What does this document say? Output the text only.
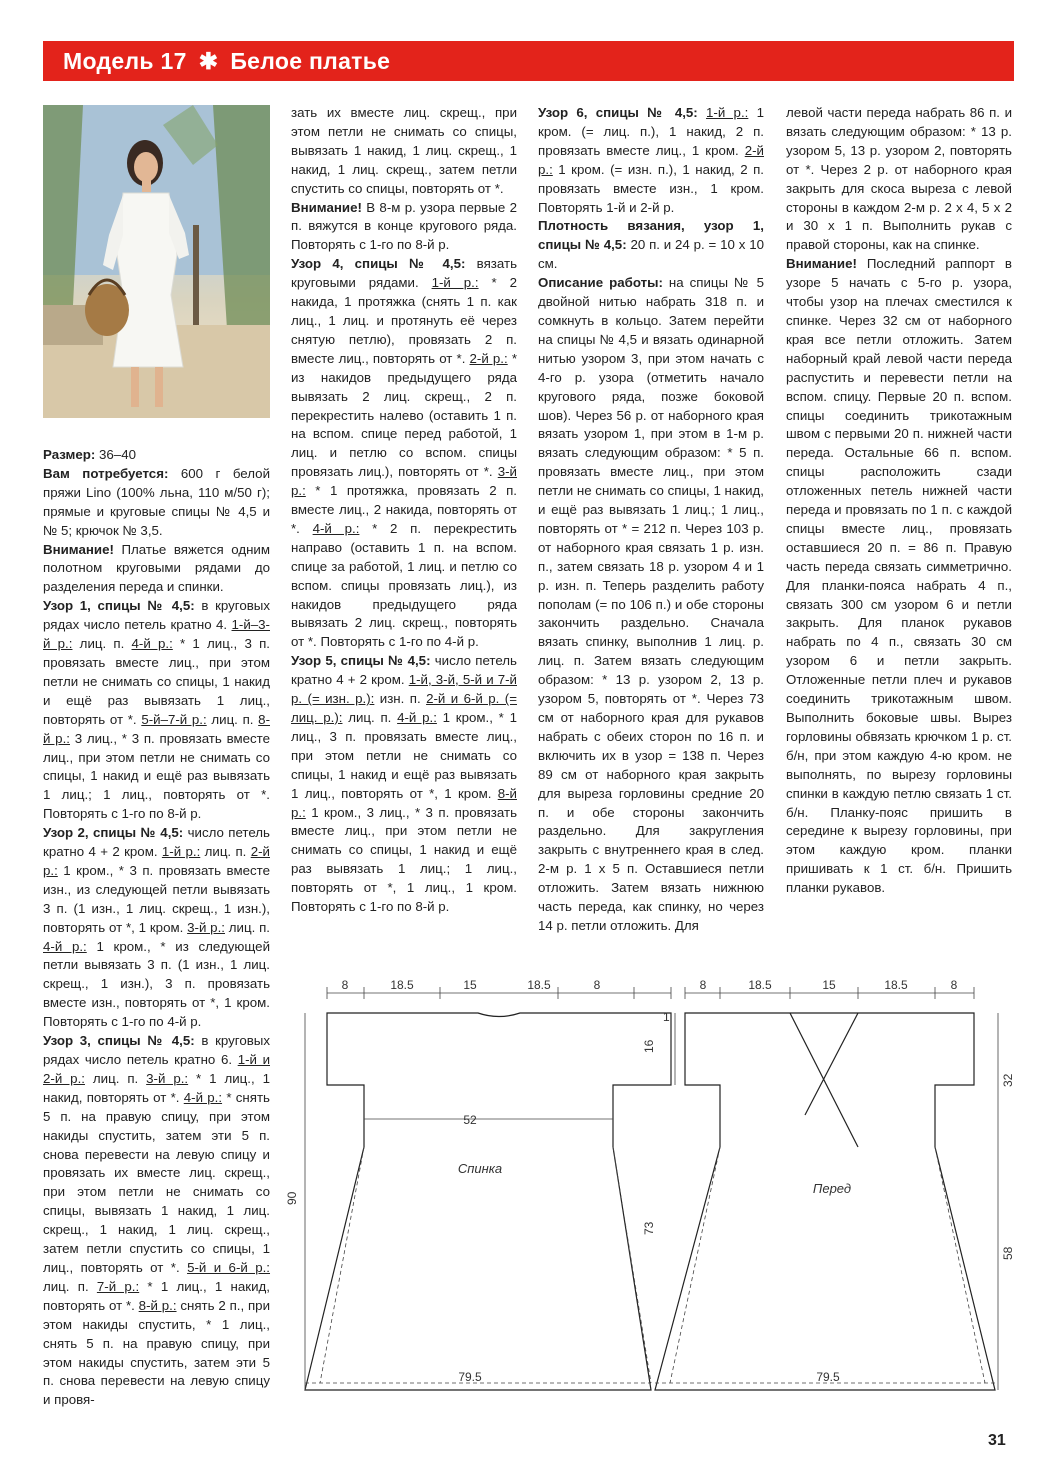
Модель 17 ✱ Белое платье

Размер: 36–40

Вам потребуется: 600 г белой пряжи Lino (100% льна, 110 м/50 г); прямые и круговые спицы № 4,5 и № 5; крючок № 3,5.

Внимание! Платье вяжется одним полотном круговыми рядами до разделения переда и спинки.

Узор 1, спицы № 4,5: в круговых рядах число петель кратно 4. 1-й–3-й р.: лиц. п. 4-й р.: * 1 лиц., 3 п. провязать вместе лиц., при этом петли не снимать со спицы, 1 накид и ещё раз вывязать 1 лиц., повторять от *. 5-й–7-й р.: лиц. п. 8-й р.: 3 лиц., * 3 п. провязать вместе лиц., при этом петли не снимать со спицы, 1 накид и ещё раз вывязать 1 лиц.; 1 лиц., повторять от *. Повторять с 1-го по 8-й р.

Узор 2, спицы № 4,5: число петель кратно 4 + 2 кром. 1-й р.: лиц. п. 2-й р.: 1 кром., * 3 п. провязать вместе изн., из следующей петли вывязать 3 п. (1 изн., 1 лиц. скрещ., 1 изн.), повторять от *, 1 кром. 3-й р.: лиц. п. 4-й р.: 1 кром., * из следующей петли вывязать 3 п. (1 изн., 1 лиц. скрещ., 1 изн.), 3 п. провязать вместе изн., повторять от *, 1 кром. Повторять с 1-го по 4-й р.

Узор 3, спицы № 4,5: в круговых рядах число петель кратно 6. 1-й и 2-й р.: лиц. п. 3-й р.: * 1 лиц., 1 накид, повторять от *. 4-й р.: * снять 5 п. на правую спицу, при этом накиды спустить, затем эти 5 п. снова перевести на левую спицу и провязать их вместе лиц. скрещ., при этом петли не снимать со спицы, вывязать 1 накид, 1 лиц. скрещ., 1 накид, 1 лиц. скрещ., затем петли спустить со спицы, 1 лиц., повторять от *. 5-й и 6-й р.: лиц. п. 7-й р.: * 1 лиц., 1 накид, повторять от *. 8-й р.: снять 2 п., при этом накиды спустить, * 1 лиц., снять 5 п. на правую спицу, при этом накиды спустить, затем эти 5 п. снова перевести на левую спицу и провя-

зать их вместе лиц. скрещ., при этом петли не снимать со спицы, вывязать 1 накид, 1 лиц. скрещ., 1 накид, 1 лиц. скрещ., затем петли спустить со спицы, повторять от *.

Внимание! В 8-м р. узора первые 2 п. вяжутся в конце кругового ряда. Повторять с 1-го по 8-й р.

Узор 4, спицы № 4,5: вязать круговыми рядами. 1-й р.: * 2 накида, 1 протяжка (снять 1 п. как лиц., 1 лиц. и протянуть её через снятую петлю), провязать 2 п. вместе лиц., повторять от *. 2-й р.: * из накидов предыдущего ряда вывязать 2 лиц. скрещ., 2 п. перекрестить налево (оставить 1 п. на вспом. спице перед работой, 1 лиц. и петлю со вспом. спицы провязать лиц.), повторять от *. 3-й р.: * 1 протяжка, провязать 2 п. вместе лиц., 2 накида, повторять от *. 4-й р.: * 2 п. перекрестить направо (оставить 1 п. на вспом. спице за работой, 1 лиц. и петлю со вспом. спицы провязать лиц.), из накидов предыдущего ряда вывязать 2 лиц. скрещ., повторять от *. Повторять с 1-го по 4-й р.

Узор 5, спицы № 4,5: число петель кратно 4 + 2 кром. 1-й, 3-й, 5-й и 7-й р. (= изн. р.): изн. п. 2-й и 6-й р. (= лиц. р.): лиц. п. 4-й р.: 1 кром., * 1 лиц., 3 п. провязать вместе лиц., при этом петли не снимать со спицы, 1 накид и ещё раз вывязать 1 лиц., повторять от *, 1 кром. 8-й р.: 1 кром., 3 лиц., * 3 п. провязать вместе лиц., при этом петли не снимать со спицы, 1 накид и ещё раз вывязать 1 лиц.; 1 лиц., повторять от *, 1 лиц., 1 кром. Повторять с 1-го по 8-й р.

Узор 6, спицы № 4,5: 1-й р.: 1 кром. (= лиц. п.), 1 накид, 2 п. провязать вместе лиц., 1 кром. 2-й р.: 1 кром. (= изн. п.), 1 накид, 2 п. провязать вместе изн., 1 кром. Повторять 1-й и 2-й р.

Плотность вязания, узор 1, спицы № 4,5: 20 п. и 24 р. = 10 х 10 см.

Описание работы: на спицы № 5 двойной нитью набрать 318 п. и сомкнуть в кольцо. Затем перейти на спицы № 4,5 и вязать одинарной нитью узором 3, при этом начать с 4-го р. узора (отметить начало кругового ряда, позже боковой шов). Через 56 р. от наборного края вязать узором 1, при этом в 1-м р. вязать следующим образом: * 5 п. провязать вместе лиц., при этом петли не снимать со спицы, 1 накид, и ещё раз вывязать 1 лиц.; 1 лиц., повторять от * = 212 п. Через 103 р. от наборного края связать 1 р. изн. п., затем связать 18 р. узором 4 и 1 р. изн. п. Теперь разделить работу пополам (= по 106 п.) и обе стороны закончить раздельно. Сначала вязать спинку, выполнив 1 лиц. р. лиц. п. Затем вязать следующим образом: * 13 р. узором 2, 13 р. узором 5, повторять от *. Через 73 см от наборного края для рукавов набрать с обеих сторон по 16 п. и включить их в узор = 138 п. Через 89 см от наборного края закрыть для выреза горловины средние 20 п. и обе стороны закончить раздельно. Для закругления закрыть с внутреннего края в след. 2-м р. 1 х 5 п. Оставшиеся петли отложить. Затем вязать нижнюю часть переда, как спинку, но через 14 р. петли отложить. Для

левой части переда набрать 86 п. и вязать следующим образом: * 13 р. узором 5, 13 р. узором 2, повторять от *. Через 2 р. от наборного края закрыть для скоса выреза с левой стороны в каждом 2-м р. 2 х 4, 5 х 2 и 30 х 1 п. Выполнить рукав с правой стороны, как на спинке.

Внимание! Последний раппорт в узоре 5 начать с 5-го р. узора, чтобы узор на плечах сместился к спинке. Через 32 см от наборного края все петли отложить. Затем наборный край левой части переда распустить и перевести петли на вспом. спицу. Первые 20 п. вспом. спицы соединить трикотажным швом с первыми 20 п. нижней части переда. Остальные 66 п. вспом. спицы расположить сзади отложенных петель нижней части переда и провязать по 1 п. с каждой спицы вместе лиц., провязать оставшиеся 20 п. = 86 п. Правую часть переда связать симметрично. Для планки-пояса набрать 4 п., связать 300 см узором 6 и петли закрыть. Для планок рукавов набрать по 4 п., связать 30 см узором 6 и петли закрыть. Отложенные петли плеч и рукавов соединить трикотажным швом. Выполнить боковые швы. Вырез горловины обвязать крючком 1 р. ст. б/н, при этом каждую 4-ю кром. не выполнять, по вырезу горловины спинки в каждую петлю связать 1 ст. б/н. Планку-пояс пришить в середине к вырезу горловины, при этом каждую кром. планки пришивать к 1 ст. б/н. Пришить планки рукавов.

8	18.5	15	18.5	8
1
16
52
Спинка
90
73
79.5
8	18.5	15	18.5	8
Перед
32
58
79.5
31
